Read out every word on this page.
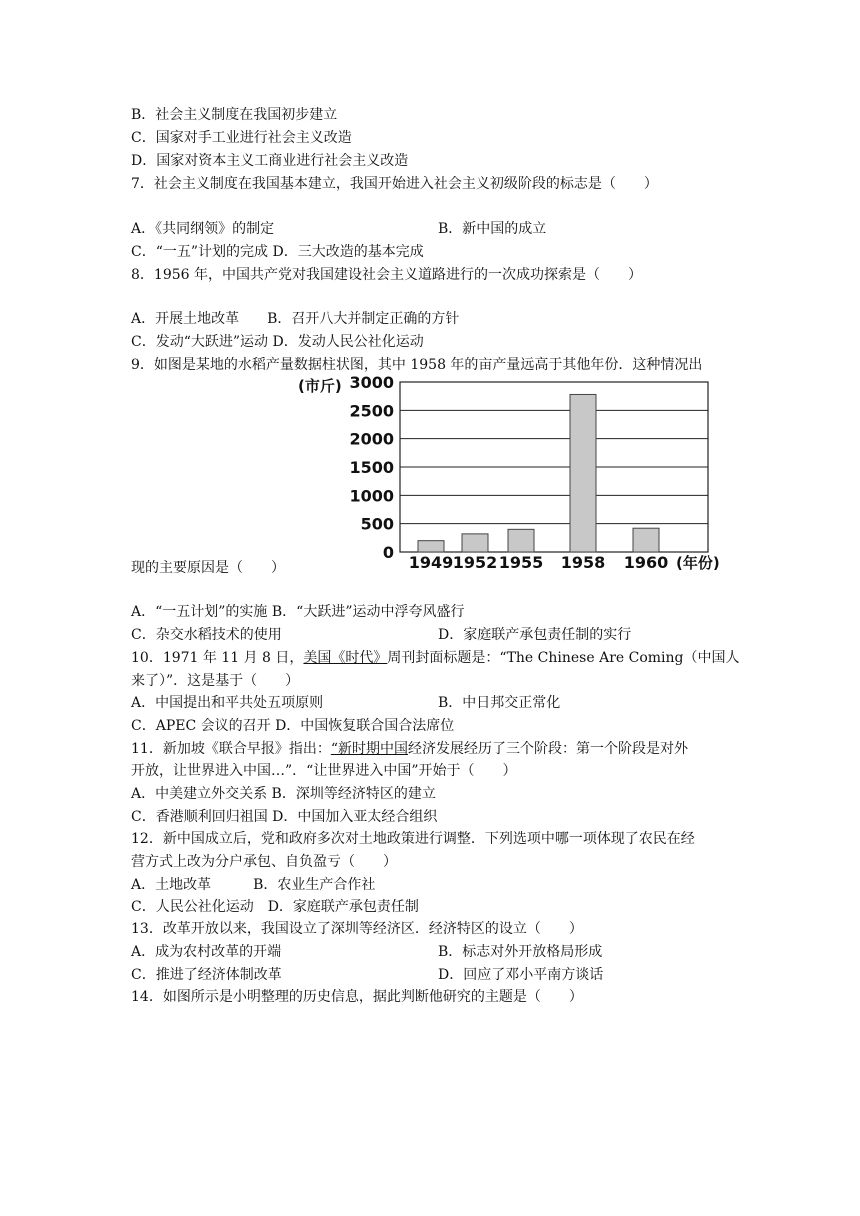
B．社会主义制度在我国初步建立
C．国家对手工业进行社会主义改造
D．国家对资本主义工商业进行社会主义改造
7．社会主义制度在我国基本建立，我国开始进入社会主义初级阶段的标志是（　　）
A．《共同纲领》的制定	B．新中国的成立
C．“一五”计划的完成 D．三大改造的基本完成
8．1956 年，中国共产党对我国建设社会主义道路进行的一次成功探索是（　　）
A．开展土地改革　　B．召开八大并制定正确的方针
C．发动“大跃进”运动 D．发动人民公社化运动
9．如图是某地的水稻产量数据柱状图，其中 1958 年的亩产量远高于其他年份．这种情况出
3000
2500
2000
1500
1000
500
0
1949 1952 1955 1958 1960
(市斤)
(年份)
现的主要原因是（　　）
A．“一五计划”的实施 B．“大跃进”运动中浮夸风盛行
C．杂交水稻技术的使用	D．家庭联产承包责任制的实行
10．1971 年 11 月 8 日，美国《时代》周刊封面标题是：“The Chinese Are Coming（中国人
来了）”．这是基于（　　）
A．中国提出和平共处五项原则	B．中日邦交正常化
C．APEC 会议的召开 D．中国恢复联合国合法席位
11．新加坡《联合早报》指出：“新时期中国经济发展经历了三个阶段：第一个阶段是对外
开放，让世界进入中国…”．“让世界进入中国”开始于（　　）
A．中美建立外交关系 B．深圳等经济特区的建立
C．香港顺利回归祖国 D．中国加入亚太经合组织
12．新中国成立后，党和政府多次对土地政策进行调整．下列选项中哪一项体现了农民在经
营方式上改为分户承包、自负盈亏（　　）
A．土地改革　　　B．农业生产合作社
C．人民公社化运动　D．家庭联产承包责任制
13．改革开放以来，我国设立了深圳等经济区．经济特区的设立（　　）
A．成为农村改革的开端	B．标志对外开放格局形成
C．推进了经济体制改革	D．回应了邓小平南方谈话
14．如图所示是小明整理的历史信息，据此判断他研究的主题是（　　）
